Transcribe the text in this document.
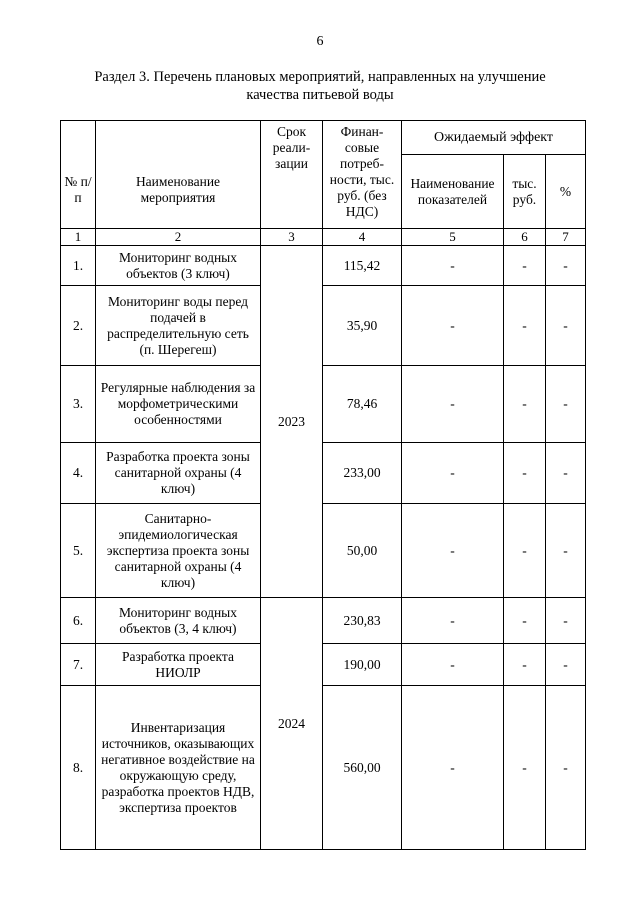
6
Раздел 3. Перечень плановых мероприятий, направленных на улучшение
качества питьевой воды
№ п/п	Наименование мероприятия	Срок реали-зации	Финан-совые потреб-ности, тыс. руб. (без НДС)	Ожидаемый эффект		
				Наименование показателей	тыс. руб.	%
1	2	3	4	5	6	7
1.	Мониторинг водных объектов (3 ключ)	2023	115,42	-	-	-
2.	Мониторинг воды перед подачей в распределительную сеть (п. Шерегеш)		35,90	-	-	-
3.	Регулярные наблюдения за морфометрическими особенностями		78,46	-	-	-
4.	Разработка проекта зоны санитарной охраны (4 ключ)		233,00	-	-	-
5.	Санитарно-эпидемиологическая экспертиза проекта зоны санитарной охраны (4 ключ)		50,00	-	-	-
6.	Мониторинг водных объектов (3, 4 ключ)	2024	230,83	-	-	-
7.	Разработка проекта НИОЛР		190,00	-	-	-
8.	Инвентаризация источников, оказывающих негативное воздействие на окружающую среду, разработка проектов НДВ, экспертиза проектов		560,00	-	-	-
